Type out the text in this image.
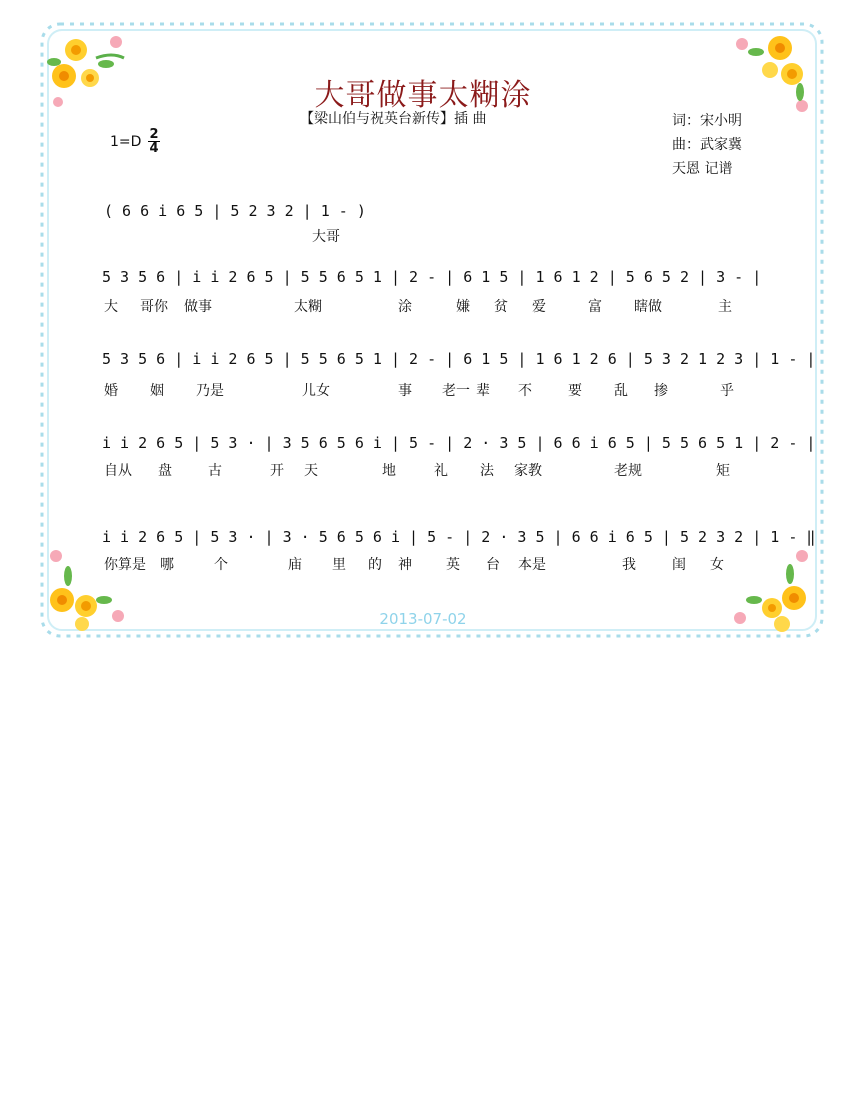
大哥做事太糊涂
【梁山伯与祝英台新传】插 曲	词：宋小明
曲：武家冀
天恩 记谱
1=D 2
4
( 6 6 i 6 5 | 5 2 3 2 | 1 - )
大哥
5 3 5 6 | i i 2 6 5 | 5 5 6 5 1 | 2 - | 6 1 5 | 1 6 1 2 | 5 6 5 2 | 3 - |
大 哥你 做事	太糊	涂	嫌 贫 爱	富 瞎做	主
5 3 5 6 | i i 2 6 5 | 5 5 6 5 1 | 2 - | 6 1 5 | 1 6 1 2 6 | 5 3 2 1 2 3 | 1 - |
婚 姻 乃是	儿女	事 老一 辈 不	要 乱 掺	乎
i i 2 6 5 | 5 3 · | 3 5 6 5 6 i | 5 - | 2 · 3 5 | 6 6 i 6 5 | 5 5 6 5 1 | 2 - |
自从 盘	古	开 天	地	礼 法 家教	老规	矩
i i 2 6 5 | 5 3 · | 3 · 5 6 5 6 i | 5 - | 2 · 3 5 | 6 6 i 6 5 | 5 2 3 2 | 1 - ‖
你算是 哪	个	庙 里 的 神 英 台 本是	我	闺 女
2013-07-02
